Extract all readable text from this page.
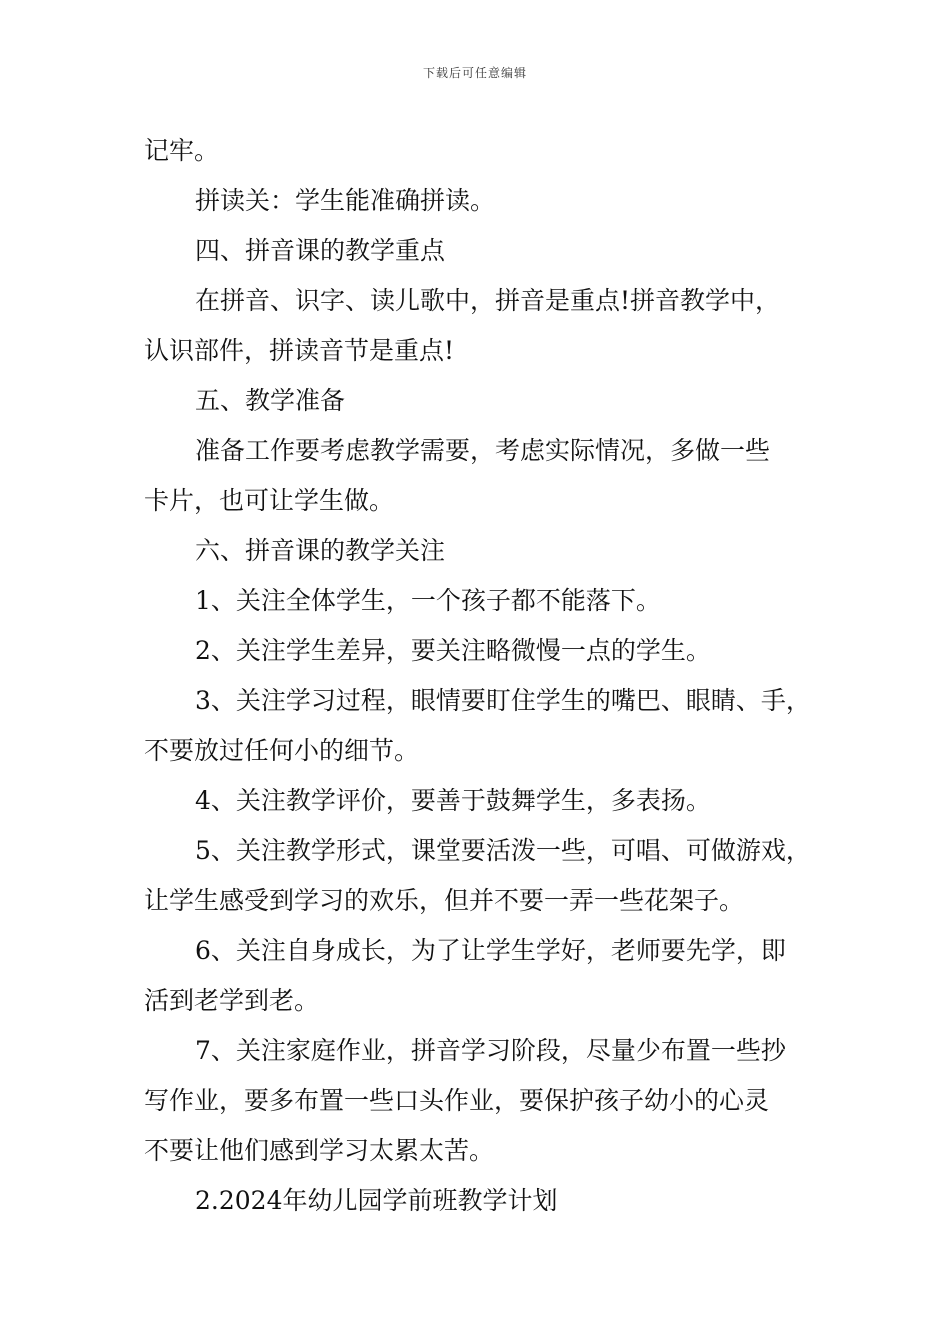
下载后可任意编辑
记牢。
拼读关：学生能准确拼读。
四、拼音课的教学重点
在拼音、识字、读儿歌中，拼音是重点!拼音教学中，
认识部件，拼读音节是重点!
五、教学准备
准备工作要考虑教学需要，考虑实际情况，多做一些
卡片，也可让学生做。
六、拼音课的教学关注
1、关注全体学生，一个孩子都不能落下。
2、关注学生差异，要关注略微慢一点的学生。
3、关注学习过程，眼情要盯住学生的嘴巴、眼睛、手，
不要放过任何小的细节。
4、关注教学评价，要善于鼓舞学生，多表扬。
5、关注教学形式，课堂要活泼一些，可唱、可做游戏，
让学生感受到学习的欢乐，但并不要一弄一些花架子。
6、关注自身成长，为了让学生学好，老师要先学，即
活到老学到老。
7、关注家庭作业，拼音学习阶段，尽量少布置一些抄
写作业，要多布置一些口头作业，要保护孩子幼小的心灵
不要让他们感到学习太累太苦。
2.2024年幼儿园学前班教学计划
